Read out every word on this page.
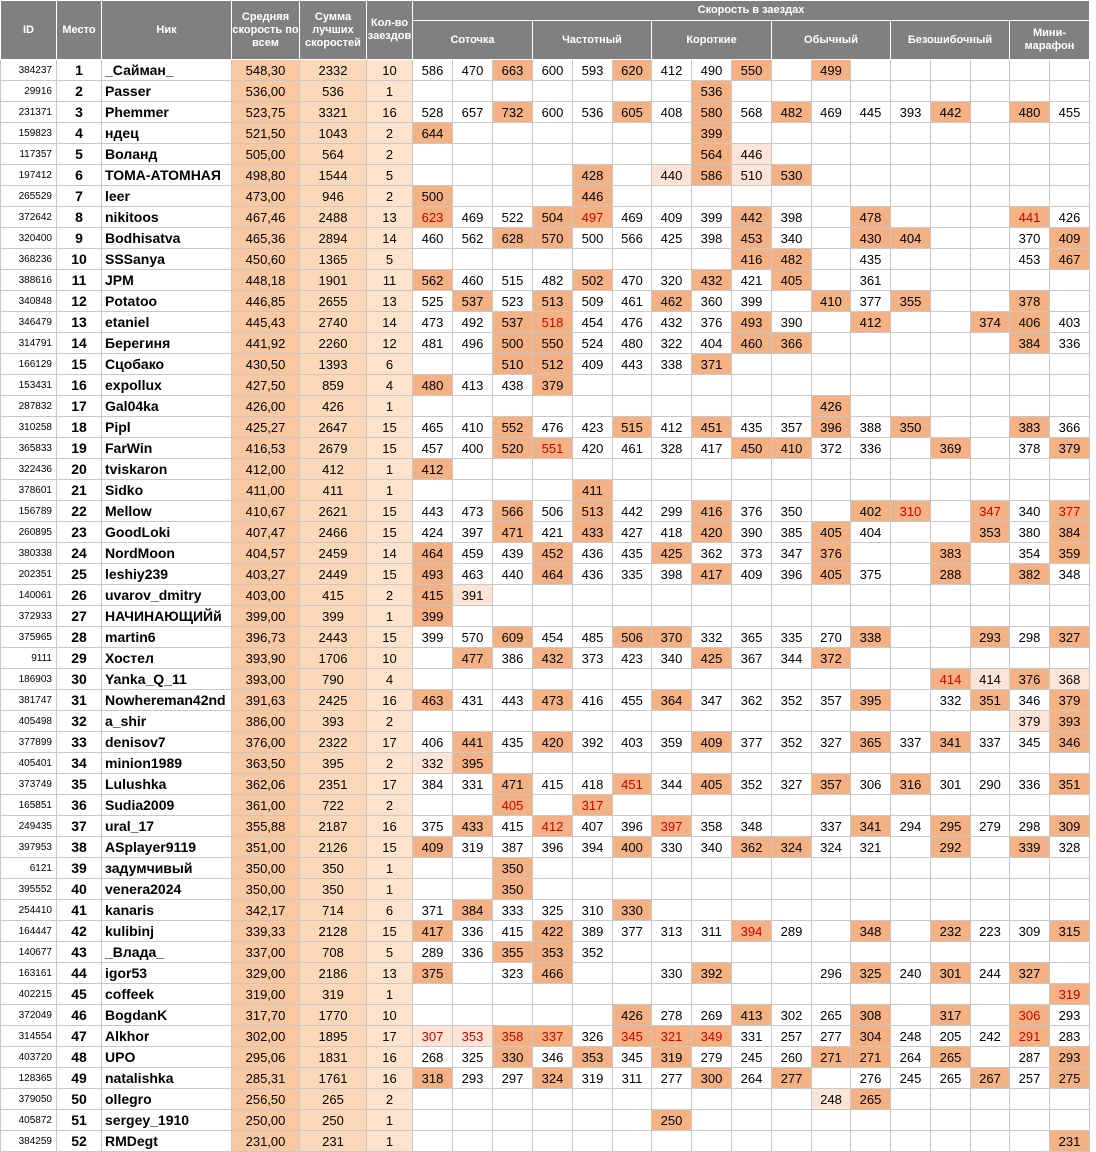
ID	Место	Ник	Средняя скорость по всем	Сумма лучших скоростей	Кол-во заездов	Скорость в заездах																
						Соточка			Частотный			Короткие			Обычный			Безошибочный			Мини-марафон	
384237	1	_Сайман_	548,30	2332	10	586	470	663	600	593	620	412	490	550		499						
29916	2	Passer	536,00	536	1								536									
231371	3	Phemmer	523,75	3321	16	528	657	732	600	536	605	408	580	568	482	469	445	393	442		480	455
159823	4	ндец	521,50	1043	2	644							399									
117357	5	Воланд	505,00	564	2								564	446								
197412	6	ТОМА-АТОМНАЯ	498,80	1544	5					428		440	586	510	530							
265529	7	leer	473,00	946	2	500				446												
372642	8	nikitoos	467,46	2488	13	623	469	522	504	497	469	409	399	442	398		478				441	426
320400	9	Bodhisatva	465,36	2894	14	460	562	628	570	500	566	425	398	453	340		430	404			370	409
368236	10	SSSanya	450,60	1365	5									416	482		435				453	467
388616	11	JPM	448,18	1901	11	562	460	515	482	502	470	320	432	421	405		361					
340848	12	Potatoo	446,85	2655	13	525	537	523	513	509	461	462	360	399		410	377	355			378	
346479	13	etaniel	445,43	2740	14	473	492	537	518	454	476	432	376	493	390		412			374	406	403
314791	14	Берегиня	441,92	2260	12	481	496	500	550	524	480	322	404	460	366						384	336
166129	15	Сцобако	430,50	1393	6			510	512	409	443	338	371									
153431	16	expollux	427,50	859	4	480	413	438	379													
287832	17	Gal04ka	426,00	426	1											426						
310258	18	Pipl	425,27	2647	15	465	410	552	476	423	515	412	451	435	357	396	388	350			383	366
365833	19	FarWin	416,53	2679	15	457	400	520	551	420	461	328	417	450	410	372	336		369		378	379
322436	20	tviskaron	412,00	412	1	412																
378601	21	Sidko	411,00	411	1					411												
156789	22	Mellow	410,67	2621	15	443	473	566	506	513	442	299	416	376	350		402	310		347	340	377
260895	23	GoodLoki	407,47	2466	15	424	397	471	421	433	427	418	420	390	385	405	404			353	380	384
380338	24	NordMoon	404,57	2459	14	464	459	439	452	436	435	425	362	373	347	376			383		354	359
202351	25	leshiy239	403,27	2449	15	493	463	440	464	436	335	398	417	409	396	405	375		288		382	348
140061	26	uvarov_dmitry	403,00	415	2	415	391															
372933	27	НАЧИНАЮЩИЙй	399,00	399	1	399																
375965	28	martin6	396,73	2443	15	399	570	609	454	485	506	370	332	365	335	270	338			293	298	327
9111	29	Хостел	393,90	1706	10		477	386	432	373	423	340	425	367	344	372						
186903	30	Yanka_Q_11	393,00	790	4														414	414	376	368
381747	31	Nowhereman42nd	391,63	2425	16	463	431	443	473	416	455	364	347	362	352	357	395		332	351	346	379
405498	32	a_shir	386,00	393	2																379	393
377899	33	denisov7	376,00	2322	17	406	441	435	420	392	403	359	409	377	352	327	365	337	341	337	345	346
405401	34	minion1989	363,50	395	2	332	395															
373749	35	Lulushka	362,06	2351	17	384	331	471	415	418	451	344	405	352	327	357	306	316	301	290	336	351
165851	36	Sudia2009	361,00	722	2			405		317												
249435	37	ural_17	355,88	2187	16	375	433	415	412	407	396	397	358	348		337	341	294	295	279	298	309
397953	38	ASplayer9119	351,00	2126	15	409	319	387	396	394	400	330	340	362	324	324	321		292		339	328
6121	39	задумчивый	350,00	350	1			350														
395552	40	venera2024	350,00	350	1			350														
254410	41	kanaris	342,17	714	6	371	384	333	325	310	330											
164447	42	kulibinj	339,33	2128	15	417	336	415	422	389	377	313	311	394	289		348		232	223	309	315
140677	43	_Влада_	337,00	708	5	289	336	355	353	352												
163161	44	igor53	329,00	2186	13	375		323	466			330	392			296	325	240	301	244	327	
402215	45	coffeek	319,00	319	1																	319
372049	46	BogdanK	317,70	1770	10						426	278	269	413	302	265	308		317		306	293
314554	47	Alkhor	302,00	1895	17	307	353	358	337	326	345	321	349	331	257	277	304	248	205	242	291	283
403720	48	UPO	295,06	1831	16	268	325	330	346	353	345	319	279	245	260	271	271	264	265		287	293
128365	49	natalishka	285,31	1761	16	318	293	297	324	319	311	277	300	264	277		276	245	265	267	257	275
379050	50	ollegro	256,50	265	2											248	265					
405872	51	sergey_1910	250,00	250	1							250										
384259	52	RMDegt	231,00	231	1																	231
